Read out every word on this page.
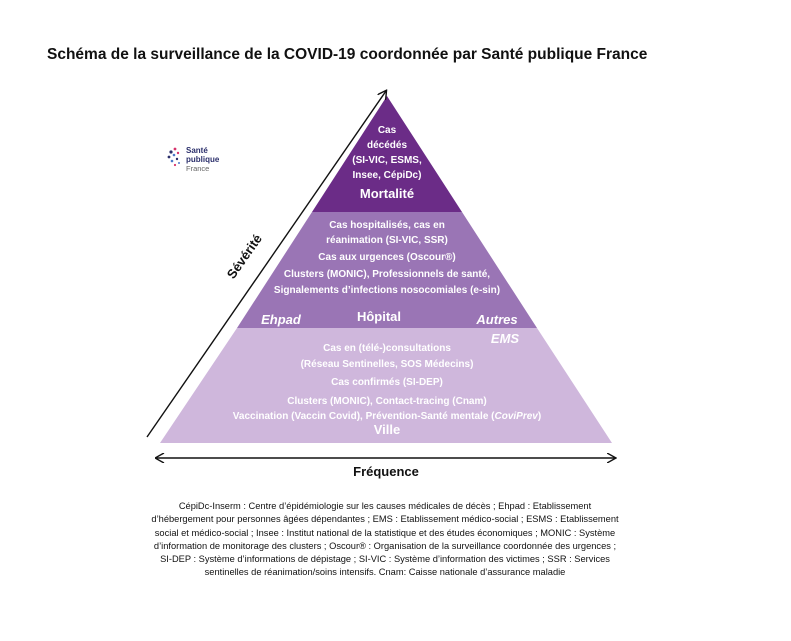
Schéma de la surveillance de la COVID-19 coordonnée par Santé publique France
Santé
publique
France
Sévérité
Fréquence
Cas
décédés
(SI-VIC, ESMS,
Insee, CépiDc)
Mortalité
Cas hospitalisés, cas en
réanimation (SI-VIC, SSR)
Cas aux urgences (Oscour®)
Clusters (MONIC), Professionnels de santé,
Signalements d’infections nosocomiales (e-sin)
Ehpad	Hôpital	Autres
EMS
Cas en (télé-)consultations
(Réseau Sentinelles, SOS Médecins)
Cas confirmés (SI-DEP)
Clusters (MONIC), Contact-tracing (Cnam)
Vaccination (Vaccin Covid), Prévention-Santé mentale (CoviPrev)
Ville
CépiDc-Inserm : Centre d’épidémiologie sur les causes médicales de décès ; Ehpad : Etablissement d’hébergement pour personnes âgées dépendantes ; EMS : Etablissement médico-social ; ESMS : Etablissement social et médico-social ; Insee : Institut national de la statistique et des études économiques ; MONIC : Système d’information de monitorage des clusters ; Oscour® : Organisation de la surveillance coordonnée des urgences ; SI-DEP : Système d’informations de dépistage ; SI-VIC : Système d’information des victimes ; SSR : Services sentinelles de réanimation/soins intensifs. Cnam: Caisse nationale d’assurance maladie
